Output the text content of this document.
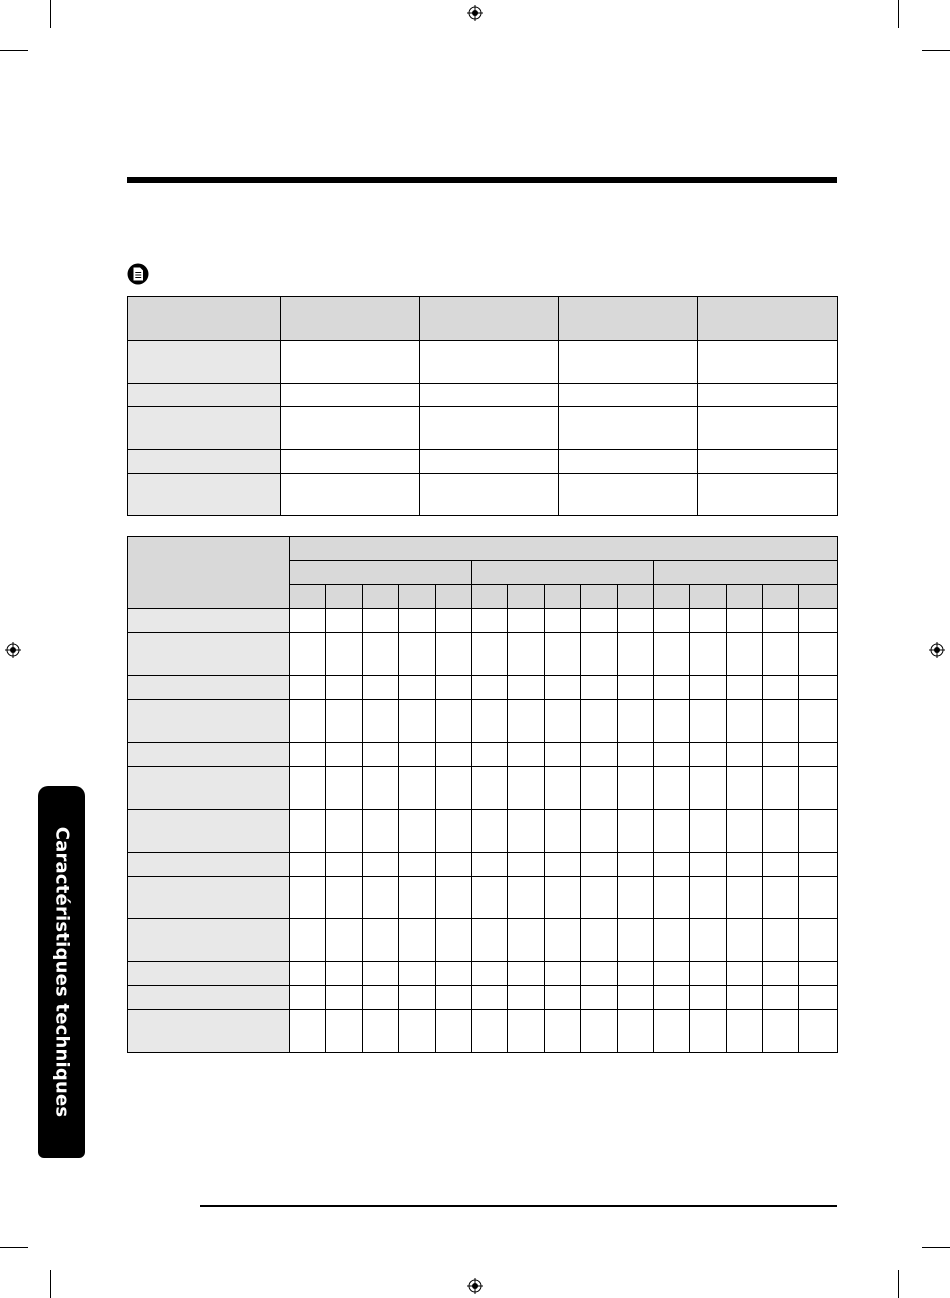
Caractéristiques techniques
